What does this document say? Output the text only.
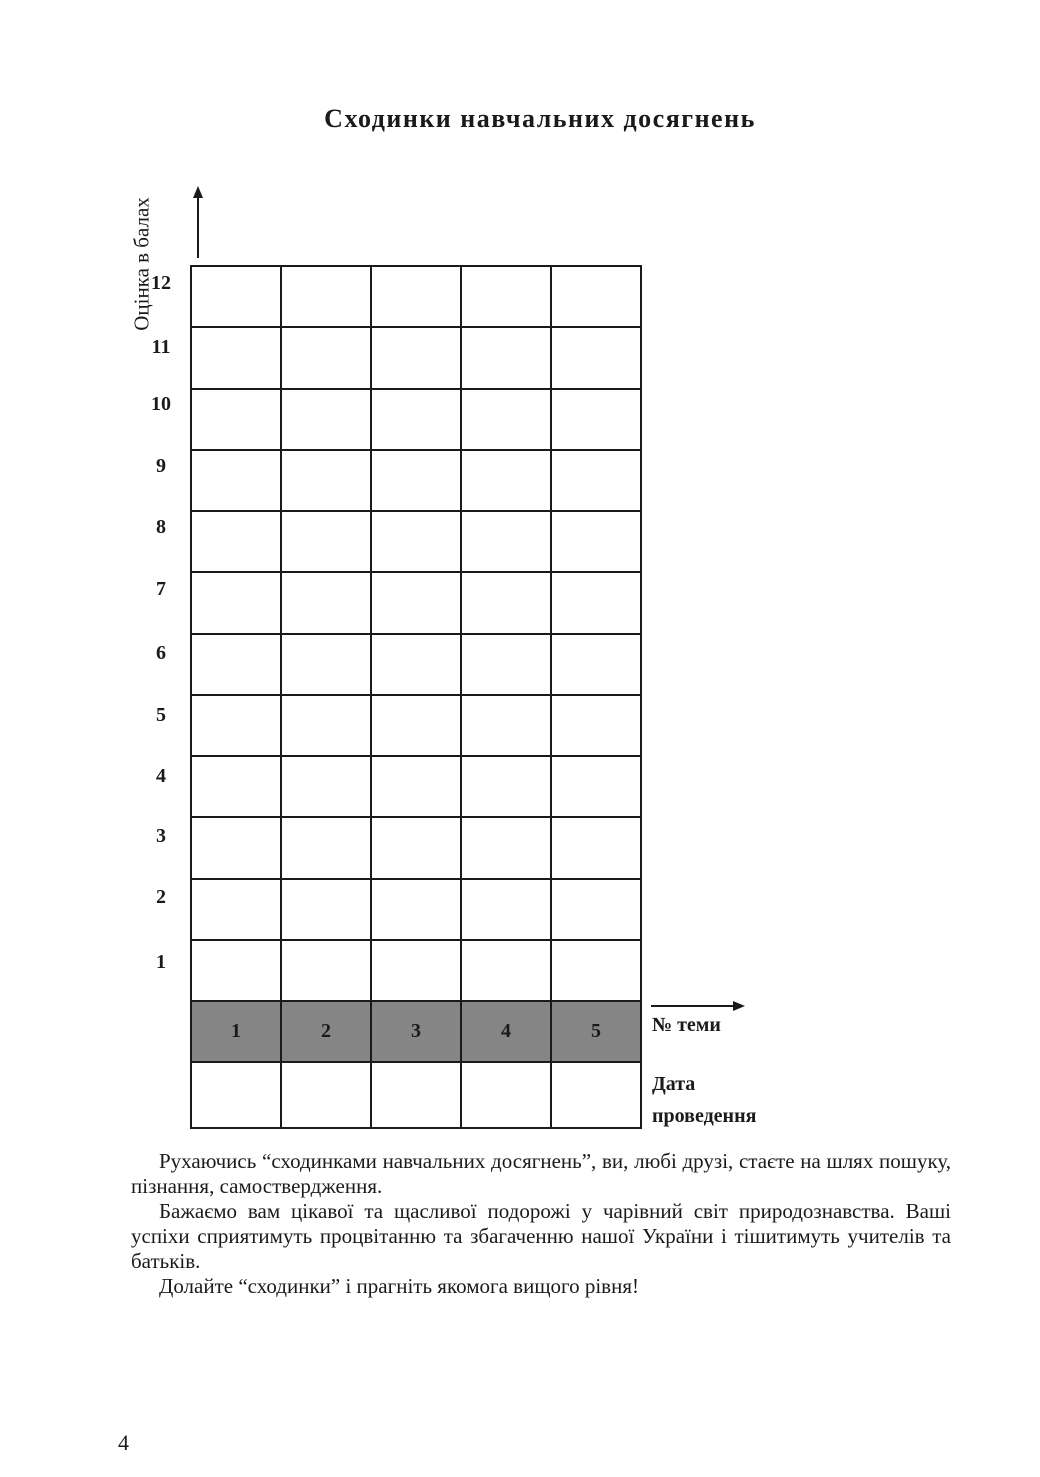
Сходинки навчальних досягнень
Оцінка в балах
12
11
10
9
8
7
6
5
4
3
2
1

1	2	3	4	5
					№ теми
Дата
проведення

Рухаючись “сходинками навчальних досягнень”, ви, любі друзі, стаєте на шлях пошуку, пізнання, самоствердження.

Бажаємо вам цікавої та щасливої подорожі у чарівний світ природознавства. Ваші успіхи сприятимуть процвітанню та збагаченню нашої України і тішитимуть учителів та батьків.

Долайте “сходинки” і прагніть якомога вищого рівня!

4
